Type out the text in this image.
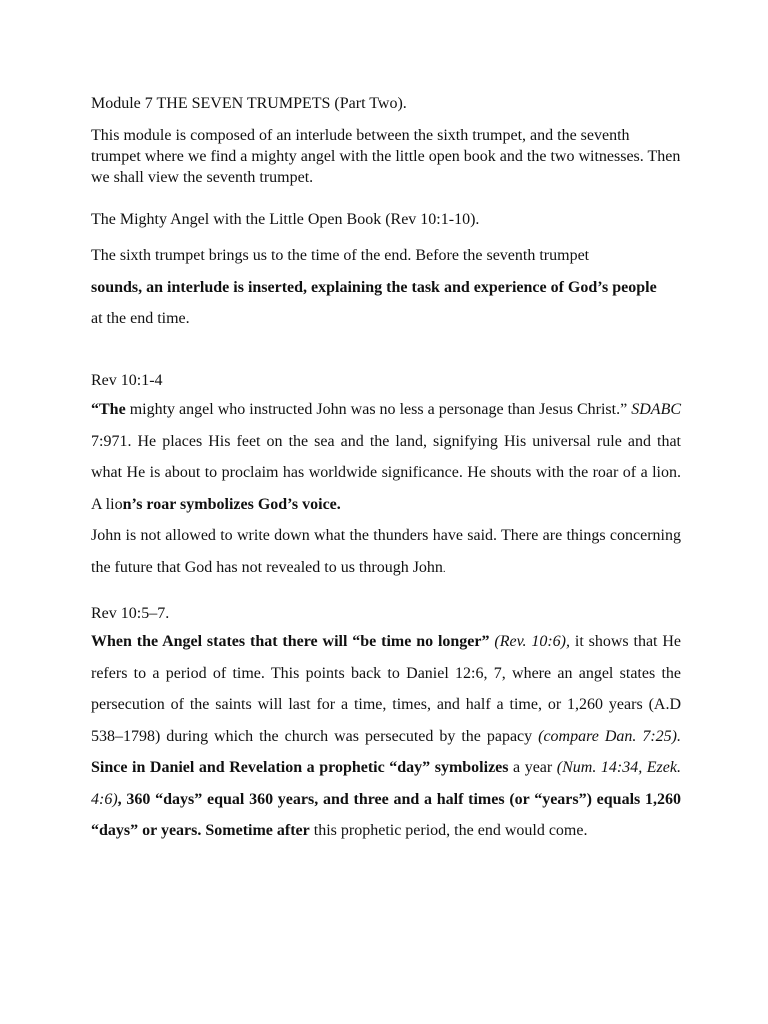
Module 7 THE SEVEN TRUMPETS (Part Two).

This module is composed of an interlude between the sixth trumpet, and the seventh trumpet where we find a mighty angel with the little open book and the two witnesses. Then we shall view the seventh trumpet.

The Mighty Angel with the Little Open Book (Rev 10:1-10).

The sixth trumpet brings us to the time of the end. Before the seventh trumpet
sounds, an interlude is inserted, explaining the task and experience of God’s people
at the end time.

Rev 10:1-4

“The mighty angel who instructed John was no less a personage than Jesus Christ.” SDABC 7:971. He places His feet on the sea and the land, signifying His universal rule and that what He is about to proclaim has worldwide significance. He shouts with the roar of a lion. A lion’s roar symbolizes God’s voice.
John is not allowed to write down what the thunders have said. There are things concerning the future that God has not revealed to us through John.

Rev 10:5–7.

When the Angel states that there will “be time no longer” (Rev. 10:6), it shows that He refers to a period of time. This points back to Daniel 12:6, 7, where an angel states the persecution of the saints will last for a time, times, and half a time, or 1,260 years (A.D 538–1798) during which the church was persecuted by the papacy (compare Dan. 7:25). Since in Daniel and Revelation a prophetic “day” symbolizes a year (Num. 14:34, Ezek. 4:6), 360 “days” equal 360 years, and three and a half times (or “years”) equals 1,260 “days” or years. Sometime after this prophetic period, the end would come.
